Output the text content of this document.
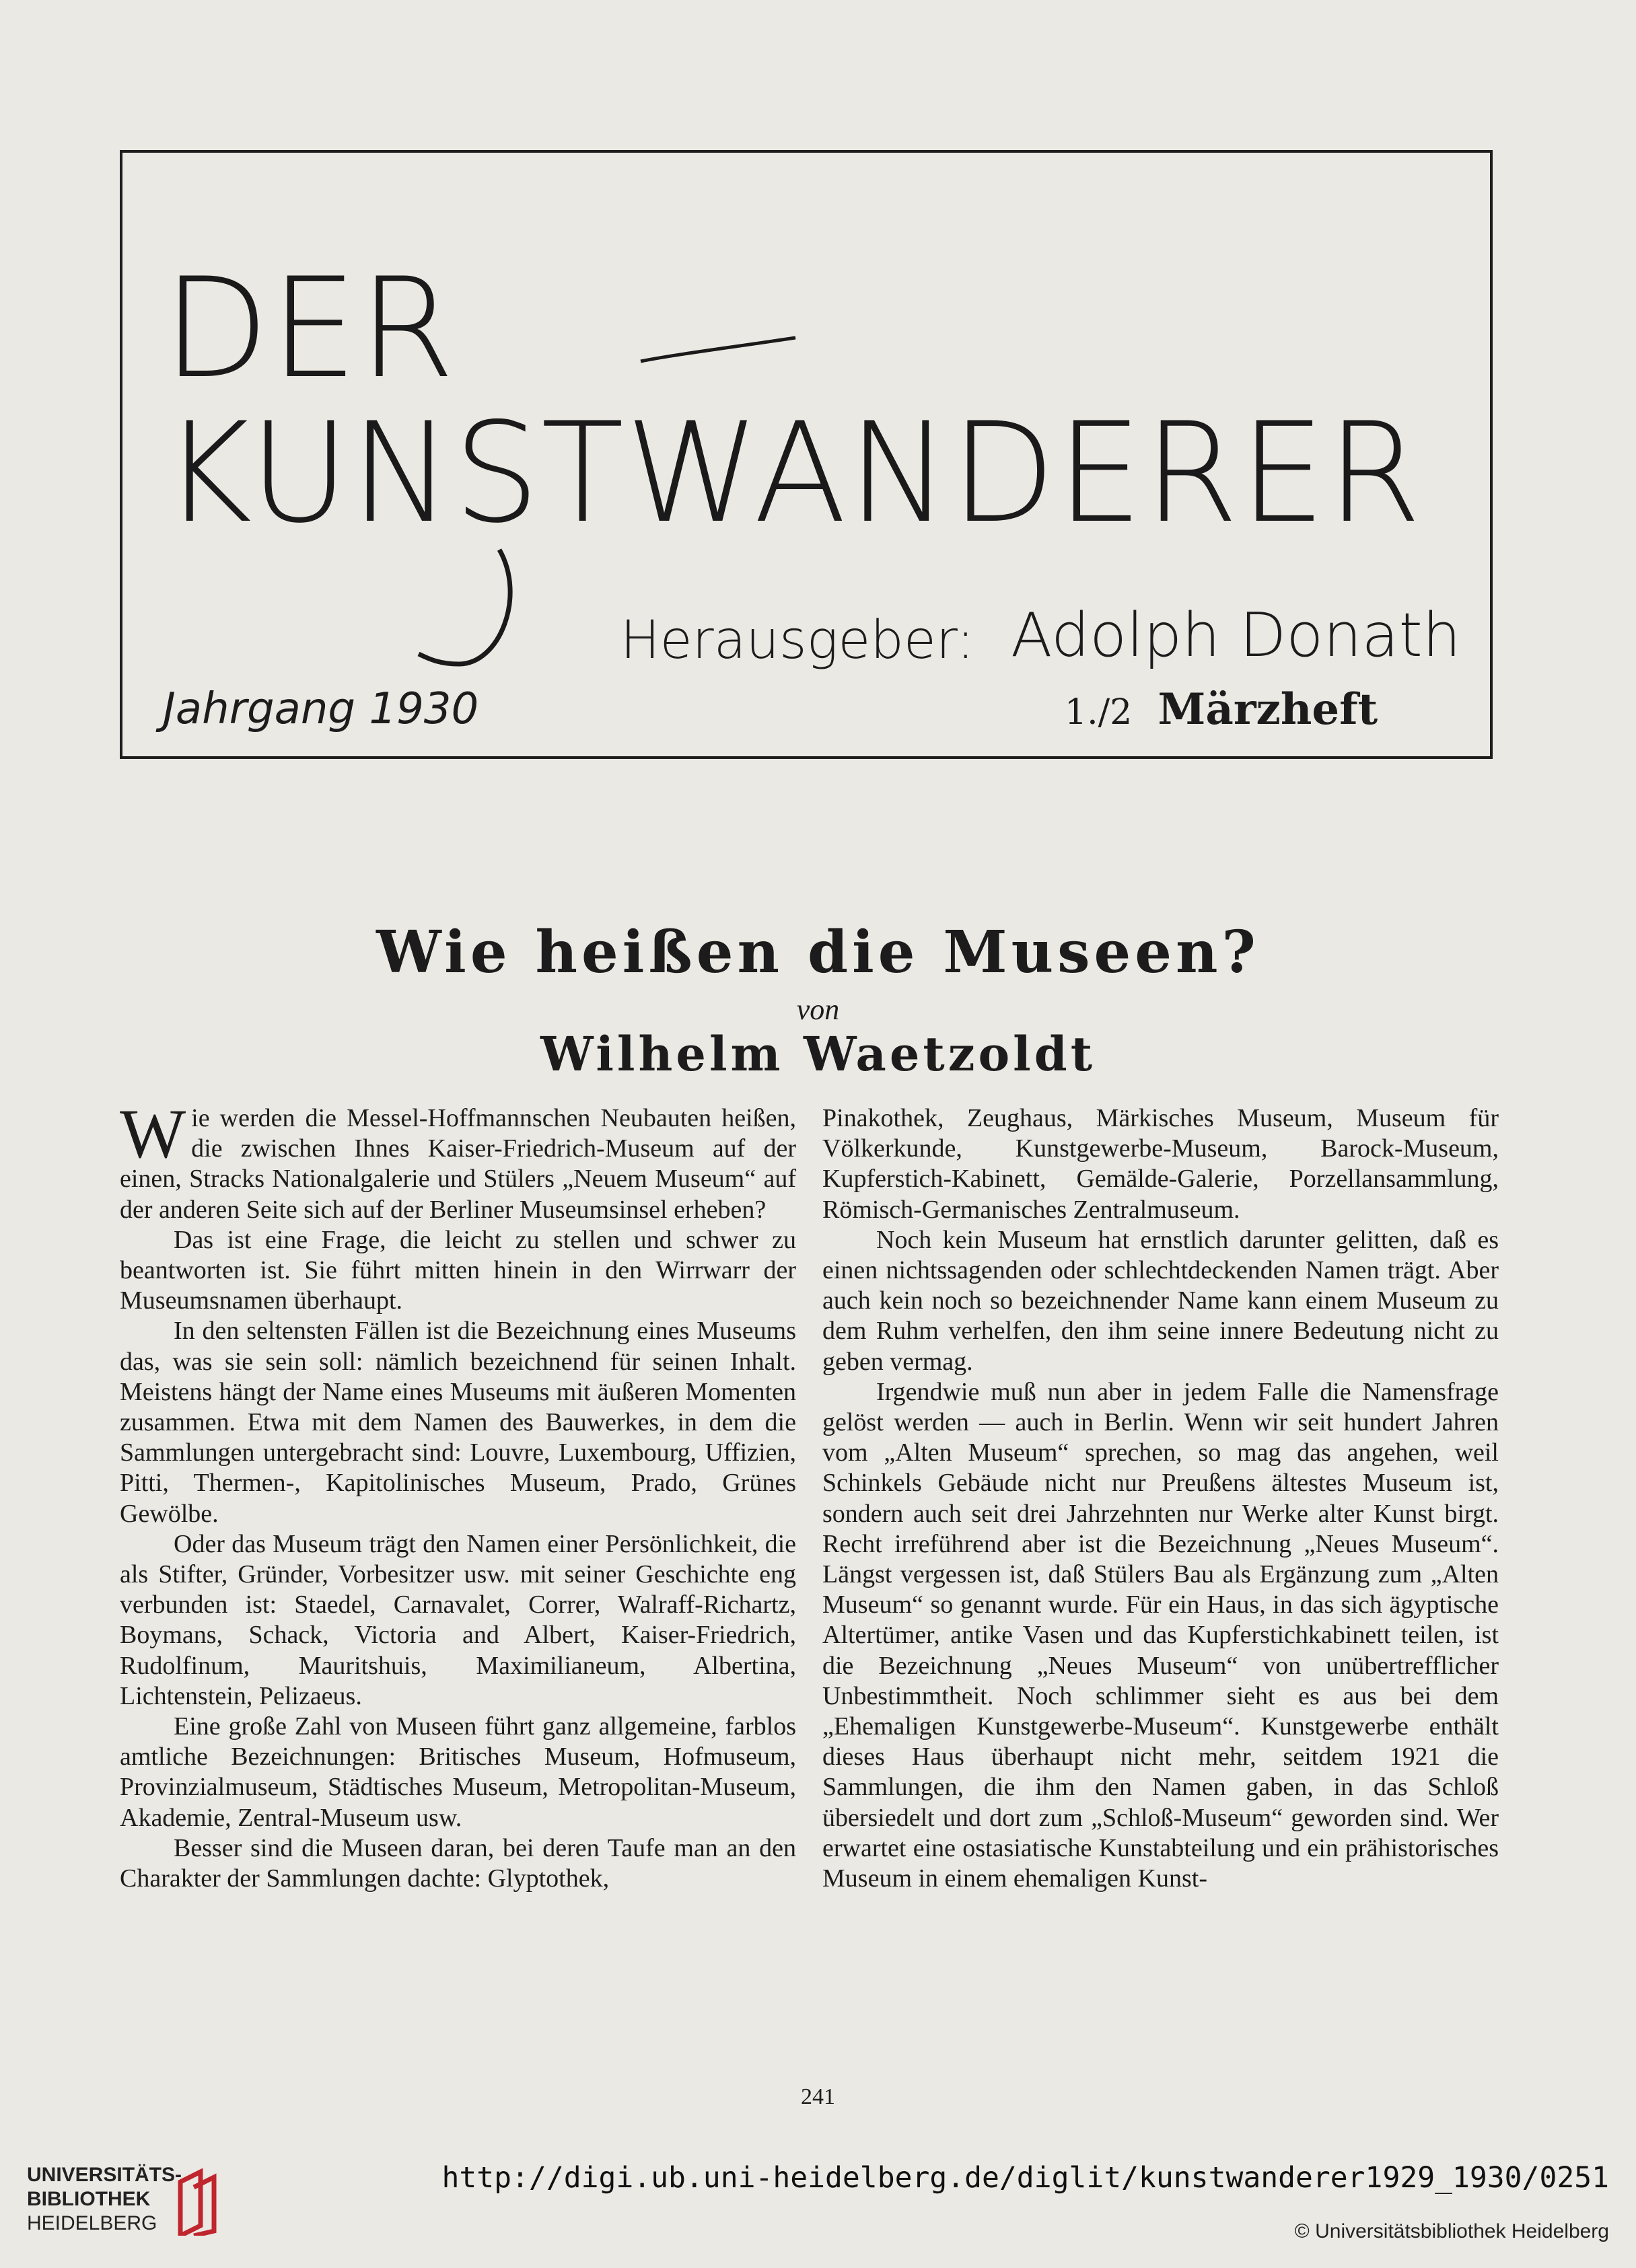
DER
KUNSTWANDERER
Herausgeber: Adolph Donath
Jahrgang 1930	1./2 Märzheft
Wie heißen die Museen?
von
Wilhelm Waetzoldt

Wie werden die Messel-Hoffmannschen Neubauten heißen, die zwischen Ihnes Kaiser-Friedrich-Museum auf der einen, Stracks Nationalgalerie und Stülers „Neuem Museum“ auf der anderen Seite sich auf der Berliner Museumsinsel erheben?

Das ist eine Frage, die leicht zu stellen und schwer zu beantworten ist. Sie führt mitten hinein in den Wirrwarr der Museumsnamen überhaupt.

In den seltensten Fällen ist die Bezeichnung eines Museums das, was sie sein soll: nämlich bezeichnend für seinen Inhalt. Meistens hängt der Name eines Museums mit äußeren Momenten zusammen. Etwa mit dem Namen des Bauwerkes, in dem die Sammlungen untergebracht sind: Louvre, Luxembourg, Uffizien, Pitti, Thermen-, Kapitolinisches Museum, Prado, Grünes Gewölbe.

Oder das Museum trägt den Namen einer Persönlichkeit, die als Stifter, Gründer, Vorbesitzer usw. mit seiner Geschichte eng verbunden ist: Staedel, Carnavalet, Correr, Walraff-Richartz, Boymans, Schack, Victoria and Albert, Kaiser-Friedrich, Rudolfinum, Mauritshuis, Maximilianeum, Albertina, Lichtenstein, Pelizaeus.

Eine große Zahl von Museen führt ganz allgemeine, farblos amtliche Bezeichnungen: Britisches Museum, Hofmuseum, Provinzialmuseum, Städtisches Museum, Metropolitan-Museum, Akademie, Zentral-Museum usw.

Besser sind die Museen daran, bei deren Taufe man an den Charakter der Sammlungen dachte: Glyptothek,

Pinakothek, Zeughaus, Märkisches Museum, Museum für Völkerkunde, Kunstgewerbe-Museum, Barock-Museum, Kupferstich-Kabinett, Gemälde-Galerie, Porzellansammlung, Römisch-Germanisches Zentralmuseum.

Noch kein Museum hat ernstlich darunter gelitten, daß es einen nichtssagenden oder schlechtdeckenden Namen trägt. Aber auch kein noch so bezeichnender Name kann einem Museum zu dem Ruhm verhelfen, den ihm seine innere Bedeutung nicht zu geben vermag.

Irgendwie muß nun aber in jedem Falle die Namensfrage gelöst werden — auch in Berlin. Wenn wir seit hundert Jahren vom „Alten Museum“ sprechen, so mag das angehen, weil Schinkels Gebäude nicht nur Preußens ältestes Museum ist, sondern auch seit drei Jahrzehnten nur Werke alter Kunst birgt. Recht irreführend aber ist die Bezeichnung „Neues Museum“. Längst vergessen ist, daß Stülers Bau als Ergänzung zum „Alten Museum“ so genannt wurde. Für ein Haus, in das sich ägyptische Altertümer, antike Vasen und das Kupferstichkabinett teilen, ist die Bezeichnung „Neues Museum“ von unübertrefflicher Unbestimmtheit. Noch schlimmer sieht es aus bei dem „Ehemaligen Kunstgewerbe-Museum“. Kunstgewerbe enthält dieses Haus überhaupt nicht mehr, seitdem 1921 die Sammlungen, die ihm den Namen gaben, in das Schloß übersiedelt und dort zum „Schloß-Museum“ geworden sind. Wer erwartet eine ostasiatische Kunstabteilung und ein prähistorisches Museum in einem ehemaligen Kunst-

241
UNIVERSITÄTS-
BIBLIOTHEK
HEIDELBERG
http://digi.ub.uni-heidelberg.de/diglit/kunstwanderer1929_1930/0251
© Universitätsbibliothek Heidelberg
